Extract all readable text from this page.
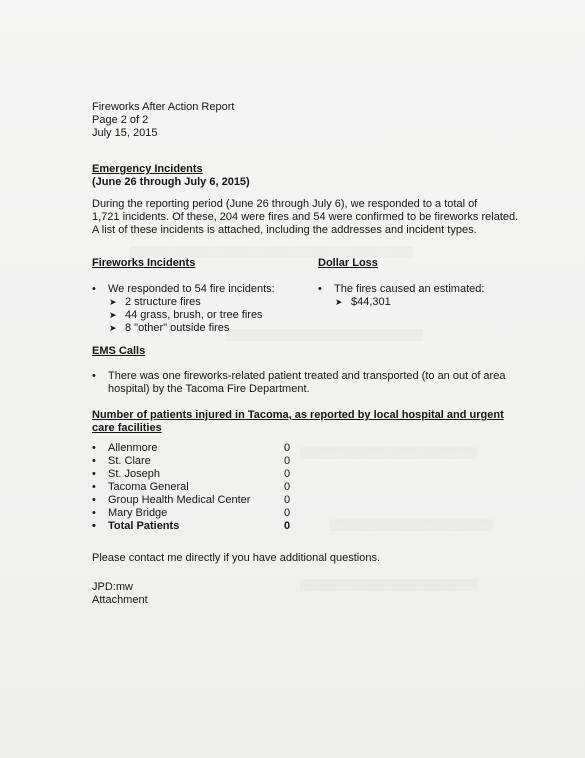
▒▒▒▒▒▒▒▒▒▒▒▒▒▒▒▒▒▒▒▒▒▒▒▒▒▒▒▒▒▒▒▒▒▒▒▒▒▒▒▒
▒▒▒▒▒▒▒▒▒▒▒▒▒▒▒▒▒▒▒▒▒▒▒▒▒▒▒▒
▒▒▒▒▒▒▒▒▒▒▒▒▒▒▒▒▒▒▒▒▒▒▒▒▒
▒▒▒▒▒▒▒▒▒▒▒▒▒▒▒▒▒▒▒▒▒▒▒
▒▒▒▒▒▒▒▒▒▒▒▒▒▒▒▒▒▒▒▒▒▒▒▒▒
Fireworks After Action Report
Page 2 of 2
July 15, 2015
Emergency Incidents
(June 26 through July 6, 2015)
During the reporting period (June 26 through July 6), we responded to a total of
1,721 incidents. Of these, 204 were fires and 54 were confirmed to be fireworks related.
A list of these incidents is attached, including the addresses and incident types.
Fireworks Incidents
• We responded to 54 fire incidents:
➤ 2 structure fires
➤ 44 grass, brush, or tree fires
➤ 8 "other" outside fires
Dollar Loss
• The fires caused an estimated:
➤ $44,301
EMS Calls
• There was one fireworks-related patient treated and transported (to an out of area
hospital) by the Tacoma Fire Department.
Number of patients injured in Tacoma, as reported by local hospital and urgent
care facilities
• Allenmore	0
• St. Clare	0
• St. Joseph	0
• Tacoma General	0
• Group Health Medical Center	0
• Mary Bridge	0
• Total Patients	0
Please contact me directly if you have additional questions.
JPD:mw
Attachment
